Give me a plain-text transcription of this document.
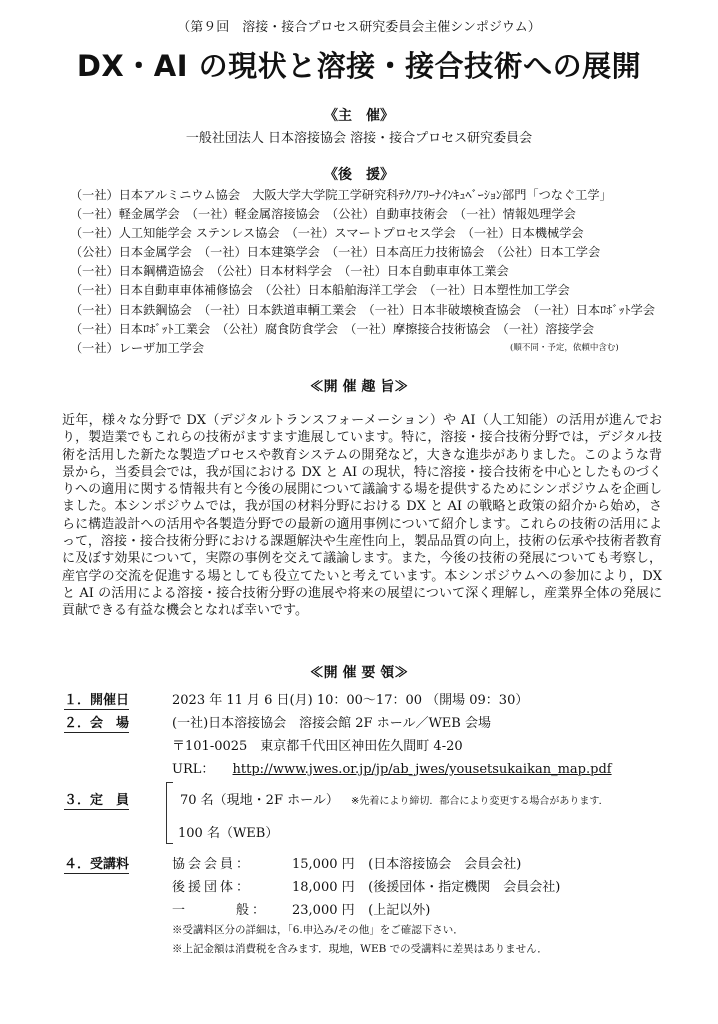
（第９回　溶接・接合プロセス研究委員会主催シンポジウム）
DX・AI の現状と溶接・接合技術への展開
《主　催》
一般社団法人 日本溶接協会 溶接・接合プロセス研究委員会
《後　援》
（一社）日本アルミニウム協会　大阪大学大学院工学研究科ﾃｸﾉｱﾘｰﾅｲﾝｷｭﾍﾞｰｼｮﾝ部門「つなぐ工学」
（一社）軽金属学会　（一社）軽金属溶接協会　（公社）自動車技術会　（一社）情報処理学会
（一社）人工知能学会 ステンレス協会　（一社）スマートプロセス学会　（一社）日本機械学会
（公社）日本金属学会　（一社）日本建築学会　（一社）日本高圧力技術協会　（公社）日本工学会
（一社）日本鋼構造協会　（公社）日本材料学会　（一社）日本自動車車体工業会
（一社）日本自動車車体補修協会　（公社）日本船舶海洋工学会　（一社）日本塑性加工学会
（一社）日本鉄鋼協会　（一社）日本鉄道車輌工業会　（一社）日本非破壊検査協会　（一社）日本ﾛﾎﾞｯﾄ学会
（一社）日本ﾛﾎﾞｯﾄ工業会　（公社）腐食防食学会　（一社）摩擦接合技術協会　（一社）溶接学会
（一社）レーザ加工学会	(順不同・予定，依頼中含む)
≪開 催 趣 旨≫
近年，様々な分野で DX（デジタルトランスフォーメーション）や AI（人工知能）の活用が進んでおり，製造業でもこれらの技術がますます進展しています。特に，溶接・接合技術分野では，デジタル技術を活用した新たな製造プロセスや教育システムの開発など，大きな進歩がありました。このような背景から，当委員会では，我が国における DX と AI の現状，特に溶接・接合技術を中心としたものづくりへの適用に関する情報共有と今後の展開について議論する場を提供するためにシンポジウムを企画しました。本シンポジウムでは，我が国の材料分野における DX と AI の戦略と政策の紹介から始め，さらに構造設計への活用や各製造分野での最新の適用事例について紹介します。これらの技術の活用によって，溶接・接合技術分野における課題解決や生産性向上，製品品質の向上，技術の伝承や技術者教育に及ぼす効果について，実際の事例を交えて議論します。また，今後の技術の発展についても考察し，産官学の交流を促進する場としても役立てたいと考えています。本シンポジウムへの参加により，DX と AI の活用による溶接・接合技術分野の進展や将来の展望について深く理解し，産業界全体の発展に貢献できる有益な機会となれば幸いです。
≪開 催 要 領≫
１．開催日	2023 年 11 月 6 日(月) 10：00～17：00 （開場 09：30）
２．会　場	(一社)日本溶接協会　溶接会館 2F ホール／WEB 会場
〒101-0025　東京都千代田区神田佐久間町 4-20
URL： http://www.jwes.or.jp/jp/ab_jwes/yousetsukaikan_map.pdf
３．定　員	70 名（現地・2F ホール） ※先着により締切．都合により変更する場合があります．
100 名（WEB）
４．受講料	協会会員：	15,000 円 (日本溶接協会　会員会社)
後援団体：	18,000 円 (後援団体・指定機関　会員会社)
一　　　般： 23,000 円 (上記以外)
※受講料区分の詳細は，「6.申込み/その他」をご確認下さい．
※上記金額は消費税を含みます．現地，WEB での受講料に差異はありません．
